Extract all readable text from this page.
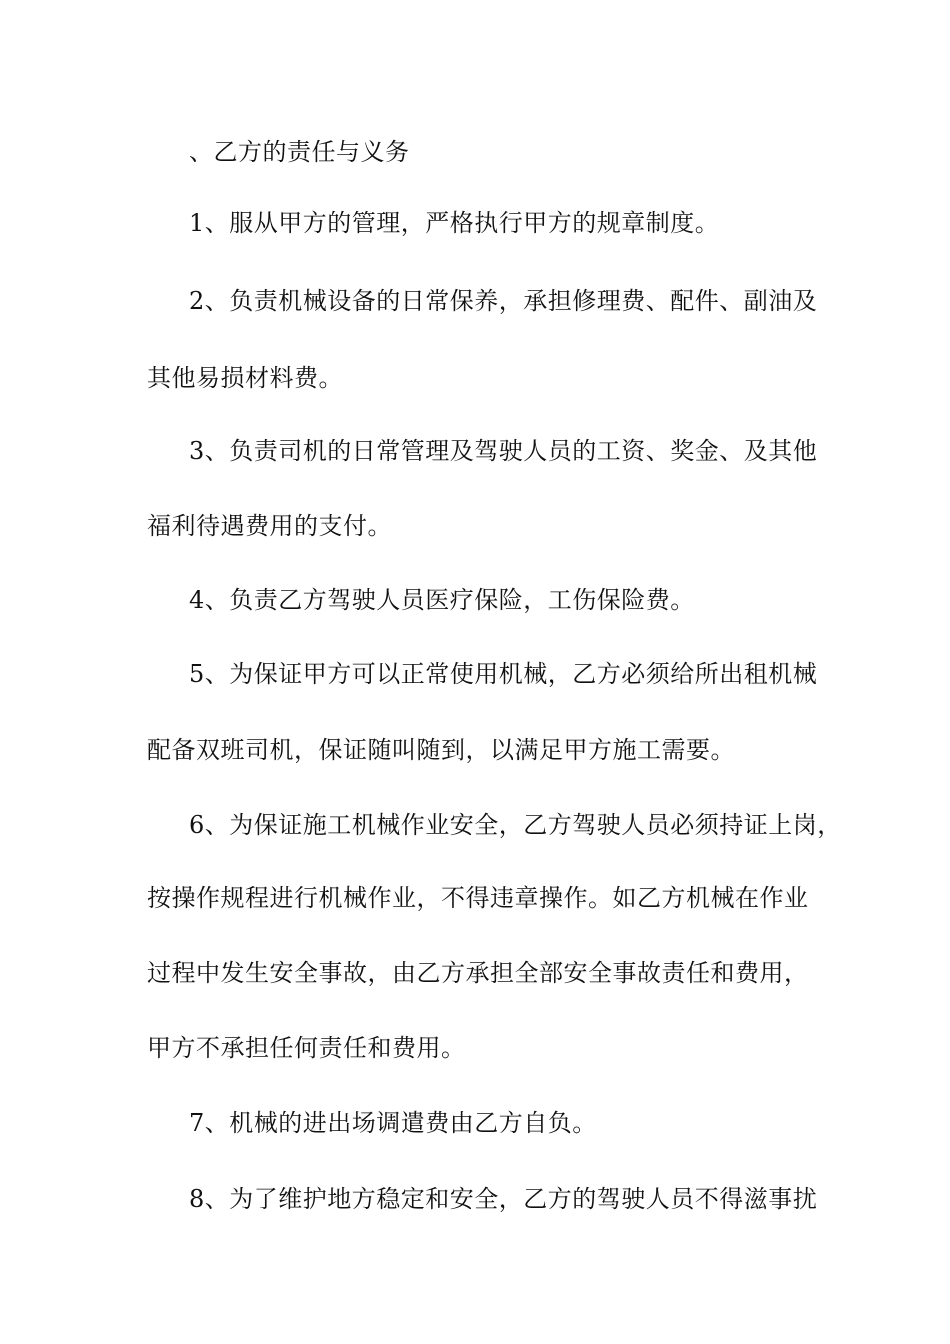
、乙方的责任与义务
1、服从甲方的管理，严格执行甲方的规章制度。
2、负责机械设备的日常保养，承担修理费、配件、副油及
其他易损材料费。
3、负责司机的日常管理及驾驶人员的工资、奖金、及其他
福利待遇费用的支付。
4、负责乙方驾驶人员医疗保险，工伤保险费。
5、为保证甲方可以正常使用机械，乙方必须给所出租机械
配备双班司机，保证随叫随到，以满足甲方施工需要。
6、为保证施工机械作业安全，乙方驾驶人员必须持证上岗，
按操作规程进行机械作业，不得违章操作。如乙方机械在作业
过程中发生安全事故，由乙方承担全部安全事故责任和费用，
甲方不承担任何责任和费用。
7、机械的进出场调遣费由乙方自负。
8、为了维护地方稳定和安全，乙方的驾驶人员不得滋事扰
